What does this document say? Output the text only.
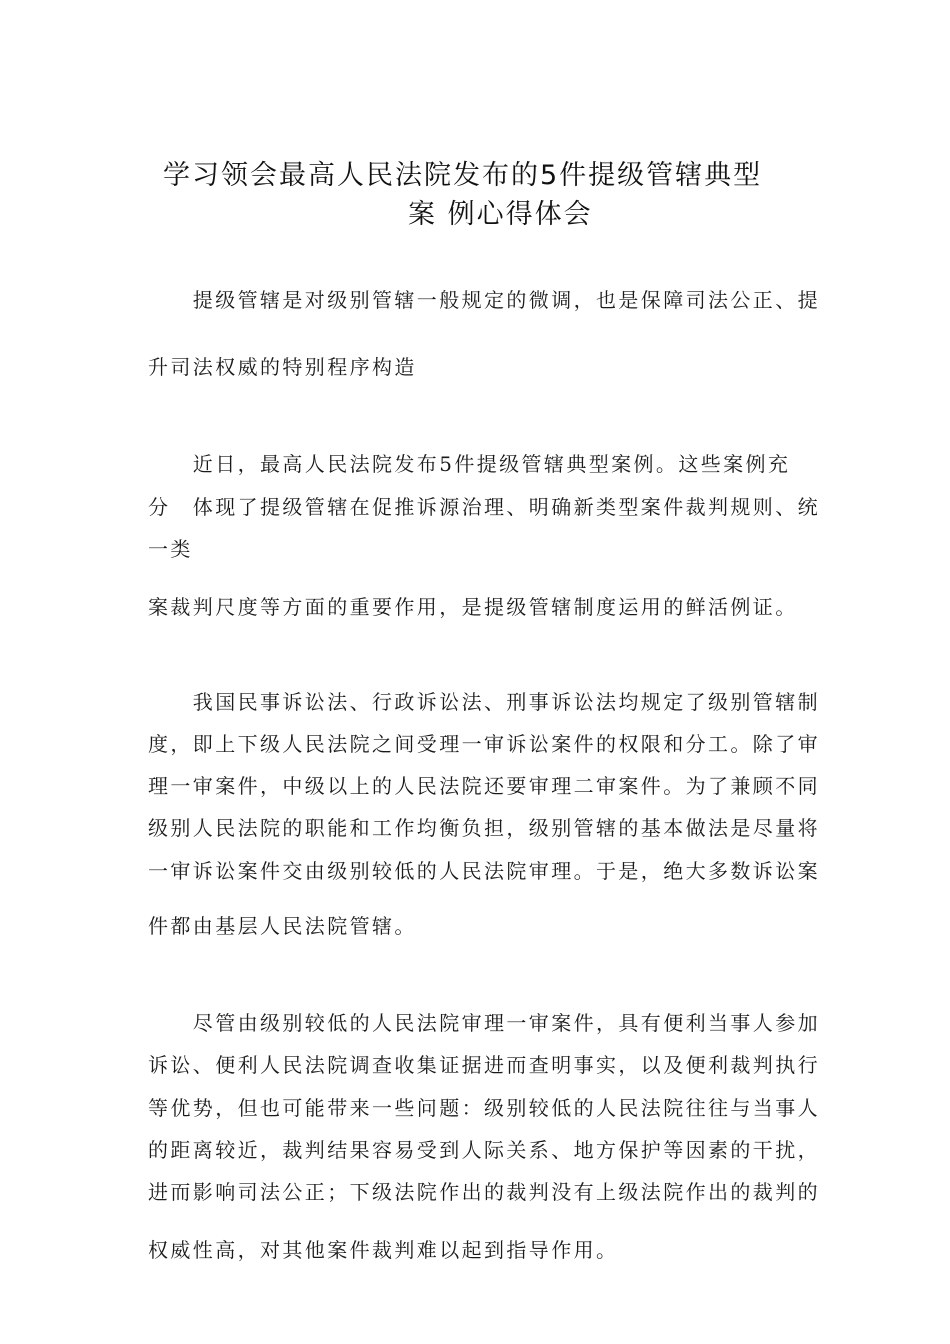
学习领会最高人民法院发布的5件提级管辖典型
案 例心得体会
　　提级管辖是对级别管辖一般规定的微调，也是保障司法公正、提
升司法权威的特别程序构造
　　近日，最高人民法院发布5件提级管辖典型案例。这些案例充
分　体现了提级管辖在促推诉源治理、明确新类型案件裁判规则、统
一类
案裁判尺度等方面的重要作用，是提级管辖制度运用的鲜活例证。
　　我国民事诉讼法、行政诉讼法、刑事诉讼法均规定了级别管辖制
度，即上下级人民法院之间受理一审诉讼案件的权限和分工。除了审
理一审案件，中级以上的人民法院还要审理二审案件。为了兼顾不同
级别人民法院的职能和工作均衡负担，级别管辖的基本做法是尽量将
一审诉讼案件交由级别较低的人民法院审理。于是，绝大多数诉讼案
件都由基层人民法院管辖。
　　尽管由级别较低的人民法院审理一审案件，具有便利当事人参加
诉讼、便利人民法院调查收集证据进而查明事实，以及便利裁判执行
等优势，但也可能带来一些问题：级别较低的人民法院往往与当事人
的距离较近，裁判结果容易受到人际关系、地方保护等因素的干扰，
进而影响司法公正；下级法院作出的裁判没有上级法院作出的裁判的
权威性高，对其他案件裁判难以起到指导作用。
